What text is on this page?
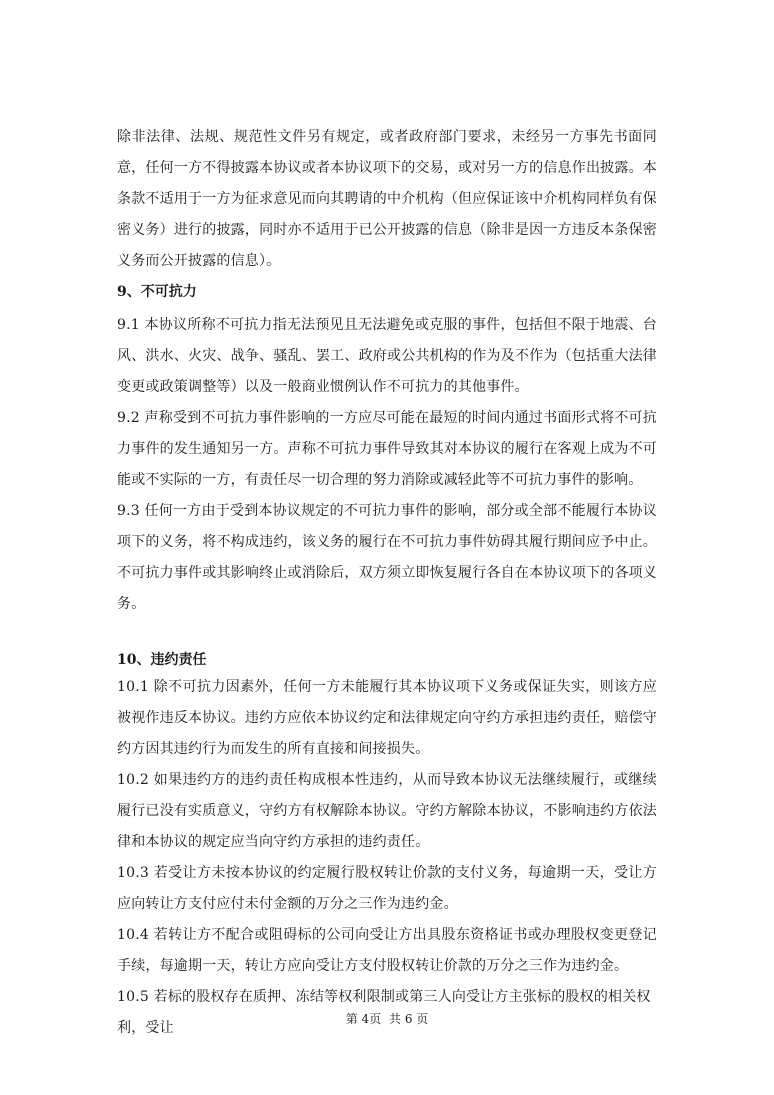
除非法律、法规、规范性文件另有规定，或者政府部门要求，未经另一方事先书面同意，任何一方不得披露本协议或者本协议项下的交易，或对另一方的信息作出披露。本条款不适用于一方为征求意见而向其聘请的中介机构（但应保证该中介机构同样负有保密义务）进行的披露，同时亦不适用于已公开披露的信息（除非是因一方违反本条保密义务而公开披露的信息）。

9、不可抗力

9.1 本协议所称不可抗力指无法预见且无法避免或克服的事件，包括但不限于地震、台风、洪水、火灾、战争、骚乱、罢工、政府或公共机构的作为及不作为（包括重大法律变更或政策调整等）以及一般商业惯例认作不可抗力的其他事件。

9.2 声称受到不可抗力事件影响的一方应尽可能在最短的时间内通过书面形式将不可抗力事件的发生通知另一方。声称不可抗力事件导致其对本协议的履行在客观上成为不可能或不实际的一方，有责任尽一切合理的努力消除或减轻此等不可抗力事件的影响。

9.3 任何一方由于受到本协议规定的不可抗力事件的影响，部分或全部不能履行本协议项下的义务，将不构成违约，该义务的履行在不可抗力事件妨碍其履行期间应予中止。不可抗力事件或其影响终止或消除后，双方须立即恢复履行各自在本协议项下的各项义务。

10、违约责任

10.1 除不可抗力因素外，任何一方未能履行其本协议项下义务或保证失实，则该方应被视作违反本协议。违约方应依本协议约定和法律规定向守约方承担违约责任，赔偿守约方因其违约行为而发生的所有直接和间接损失。

10.2 如果违约方的违约责任构成根本性违约，从而导致本协议无法继续履行，或继续履行已没有实质意义，守约方有权解除本协议。守约方解除本协议，不影响违约方依法律和本协议的规定应当向守约方承担的违约责任。

10.3 若受让方未按本协议的约定履行股权转让价款的支付义务，每逾期一天，受让方应向转让方支付应付未付金额的万分之三作为违约金。

10.4 若转让方不配合或阻碍标的公司向受让方出具股东资格证书或办理股权变更登记手续，每逾期一天，转让方应向受让方支付股权转让价款的万分之三作为违约金。

10.5 若标的股权存在质押、冻结等权利限制或第三人向受让方主张标的股权的相关权利，受让

第 4页 共 6 页
